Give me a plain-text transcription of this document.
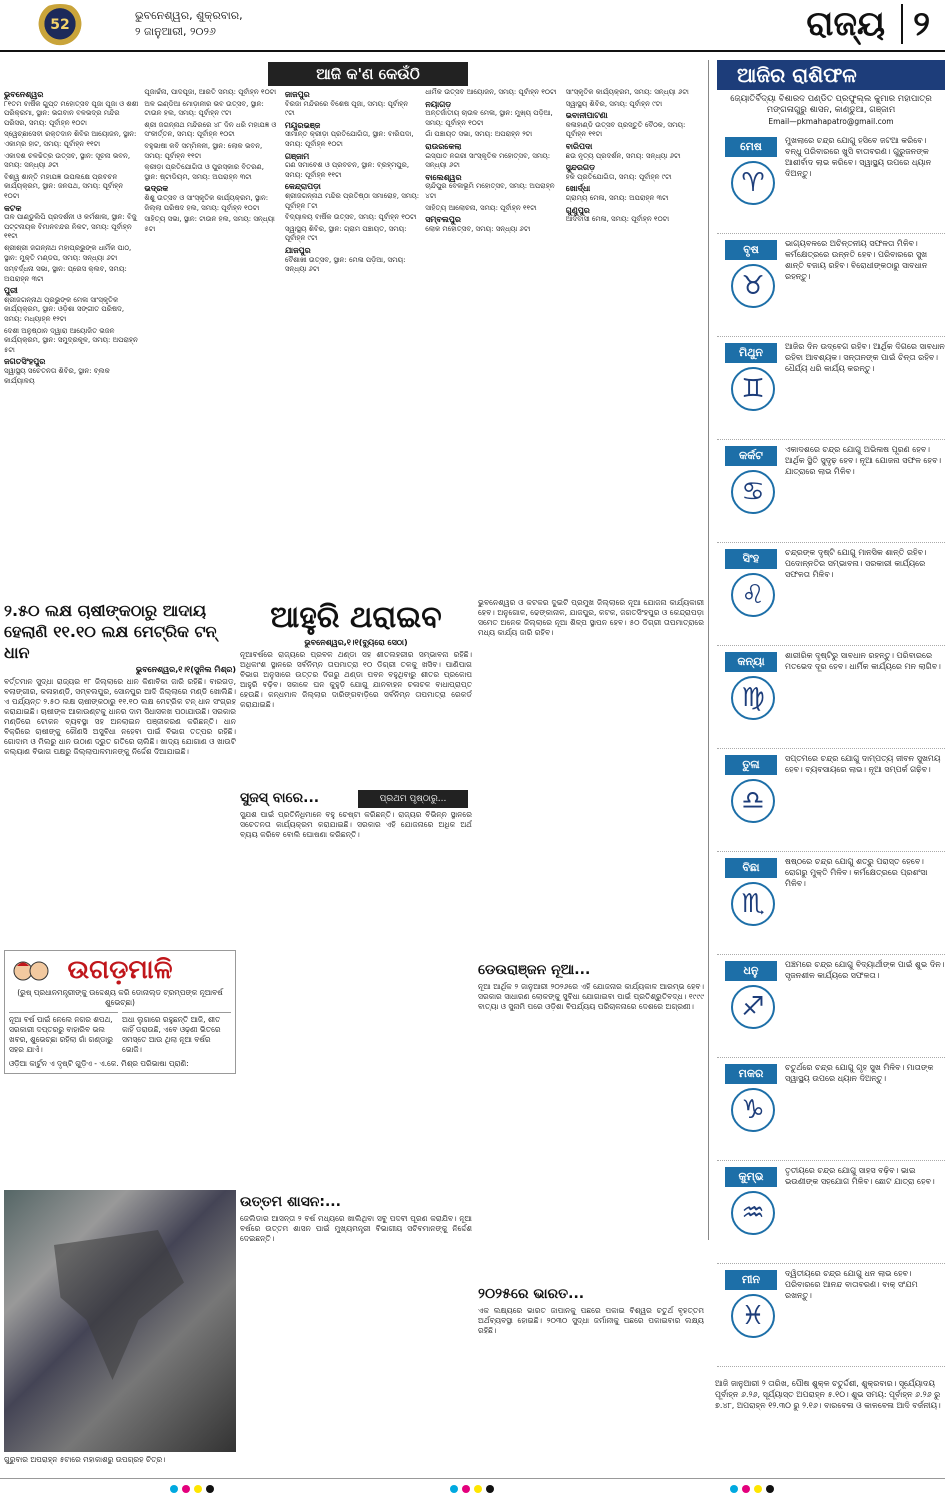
52
ଭୁବନେଶ୍ୱର, ଶୁକ୍ରବାର,
୨ ଜାନୁଆରୀ, ୨୦୨୬	ରାଜ୍ୟ ୨
ଆଜି କ'ଣ କେଉଁଠି
ଭୁବନେଶ୍ୱର

୮୧ତମ ବାର୍ଷିକ ଗୁପ୍ତ ମହୋତ୍ସବ ପୂଜା ପୂଜା ଓ ଶଶୀ ପରିକ୍ରମା, ସ୍ଥାନ: ଭଗବାନ ବଳଭଦ୍ର ମନ୍ଦିର ପରିସର, ସମୟ: ପୂର୍ବାହ୍ନ ୧୦ଟା

ସ୍ୱେଚ୍ଛାସେବୀ ରକ୍ତଦାନ ଶିବିର ଆୟୋଜନ, ସ୍ଥାନ: ଏକାମ୍ର ହାଟ, ସମୟ: ପୂର୍ବାହ୍ନ ୧୧ଟା

ଏକାଦଶ ଚଳଚ୍ଚିତ୍ର ଉତ୍ସବ, ସ୍ଥାନ: ସୂଚନା ଭବନ, ସମୟ: ସନ୍ଧ୍ୟା ୬ଟା

ବିଶ୍ୱ ଶାନ୍ତି ମହାଯଜ୍ଞ ଉପଲକ୍ଷେ ପ୍ରବଚନ କାର୍ଯ୍ୟକ୍ରମ, ସ୍ଥାନ: ଜନପଥ, ସମୟ: ପୂର୍ବାହ୍ନ ୧୦ଟା

କଟକ

ତାଳ ପାଣ୍ଡୁଲିପି ପ୍ରଦର୍ଶନୀ ଓ କର୍ମଶାଳା, ସ୍ଥାନ: ବିଜୁ ପଟ୍ଟନାୟକ ବିମାନବନ୍ଦର ନିକଟ, ସମୟ: ପୂର୍ବାହ୍ନ ୧୧ଟା

ଶ୍ରୀଶ୍ରୀ ଜଗନ୍ନାଥ ମହାପ୍ରଭୁଙ୍କ ଧାର୍ମିକ ପାଠ, ସ୍ଥାନ: ମୁକ୍ତି ମଣ୍ଡପ, ସମୟ: ସନ୍ଧ୍ୟା ୬ଟା

ସମ୍ବର୍ଦ୍ଧନା ସଭା, ସ୍ଥାନ: ପ୍ରେସ କ୍ଲବ, ସମୟ: ଅପରାହ୍ନ ୩ଟା

ପୁରୀ

ଶ୍ରୀଜଗନ୍ନାଥ ପ୍ରଭୁଙ୍କ ମେଳା ସାଂସ୍କୃତିକ କାର୍ଯ୍ୟକ୍ରମ, ସ୍ଥାନ: ଓଡ଼ିଶା ସଙ୍ଗୀତ ପରିଷଦ, ସମୟ: ମଧ୍ୟାହ୍ନ ୧୨ଟା

ଦେଶୀ ଅନୁଷ୍ଠାନ ଦ୍ୱାରା ଆୟୋଜିତ ଭଜନ କାର୍ଯ୍ୟକ୍ରମ, ସ୍ଥାନ: ସମୁଦ୍ରକୂଳ, ସମୟ: ଅପରାହ୍ନ ୫ଟା

ଜଗତସିଂହପୁର

ସ୍ୱାସ୍ଥ୍ୟ ସଚେତନତା ଶିବିର, ସ୍ଥାନ: ବ୍ଲକ କାର୍ଯ୍ୟାଳୟ

ପୂଜାର୍ଚ୍ଚନା, ପାଦପୂଜା, ଆରତି ସମୟ: ପୂର୍ବାହ୍ନ ୧୦ଟା

ଅଳ ଇଣ୍ଡିଆ ମୋଡ଼ାନୀର ଭବ ଉତ୍ସବ, ସ୍ଥାନ: ଟାଉନ ହଲ, ସମୟ: ପୂର୍ବାହ୍ନ ୯ଟା

ଶ୍ରୀ ଜଗନ୍ନାଥ ମନ୍ଦିରରେ ୪୮ ଦିନ ଧରି ମହାଯଜ୍ଞ ଓ ସଂକୀର୍ତ୍ତନ, ସମୟ: ପୂର୍ବାହ୍ନ ୧୦ଟା

ବହୁଭାଷୀ କବି ସମ୍ମିଳନୀ, ସ୍ଥାନ: ଲୋକ ଭବନ, ସମୟ: ପୂର୍ବାହ୍ନ ୧୧ଟା

କ୍ରୀଡ଼ା ପ୍ରତିଯୋଗିତା ଓ ପୁରସ୍କାର ବିତରଣ, ସ୍ଥାନ: ଷ୍ଟାଡିୟମ, ସମୟ: ଅପରାହ୍ନ ୩ଟା

ଭଦ୍ରକ

ଶିଶୁ ଉତ୍ସବ ଓ ସାଂସ୍କୃତିକ କାର୍ଯ୍ୟକ୍ରମ, ସ୍ଥାନ: ଜିଲ୍ଲା ପରିଷଦ ହଲ, ସମୟ: ପୂର୍ବାହ୍ନ ୧୦ଟା

ସାହିତ୍ୟ ସଭା, ସ୍ଥାନ: ଟାଉନ ହଲ, ସମୟ: ସନ୍ଧ୍ୟା ୫ଟା

ଜାଜପୁର

ବିରଜା ମନ୍ଦିରରେ ବିଶେଷ ପୂଜା, ସମୟ: ପୂର୍ବାହ୍ନ ୯ଟା

ମୟୂରଭଞ୍ଜ

ସୀମାନ୍ତ କ୍ରୀଡ଼ା ପ୍ରତିଯୋଗିତା, ସ୍ଥାନ: ବାରିପଦା, ସମୟ: ପୂର୍ବାହ୍ନ ୧୦ଟା

ଗଞ୍ଜାମ

ଗଣ ସମାବେଶ ଓ ପ୍ରବଚନ, ସ୍ଥାନ: ବ୍ରହ୍ମପୁର, ସମୟ: ପୂର୍ବାହ୍ନ ୧୧ଟା

କେନ୍ଦ୍ରାପଡ଼ା

ଶ୍ରୀଜଗନ୍ନାଥ ମନ୍ଦିର ପ୍ରତିଷ୍ଠା ସମାରୋହ, ସମୟ: ପୂର୍ବାହ୍ନ ୮ଟା

ବିଦ୍ୟାଳୟ ବାର୍ଷିକ ଉତ୍ସବ, ସମୟ: ପୂର୍ବାହ୍ନ ୧୦ଟା

ସ୍ୱାସ୍ଥ୍ୟ ଶିବିର, ସ୍ଥାନ: ଗ୍ରାମ ପଞ୍ଚାୟତ, ସମୟ: ପୂର୍ବାହ୍ନ ୯ଟା

ଯାଜପୁର

ବୈଶାଖୀ ଉତ୍ସବ, ସ୍ଥାନ: ମେଳା ପଡ଼ିଆ, ସମୟ: ସନ୍ଧ୍ୟା ୬ଟା

ଧାର୍ମିକ ଉତ୍ସବ ଆୟୋଜନ, ସମୟ: ପୂର୍ବାହ୍ନ ୧୦ଟା

ନୟାଗଡ଼

ଅନ୍ତର୍ଜାତୀୟ ଚାଉଳ ମେଳା, ସ୍ଥାନ: ମୁଖ୍ୟ ପଡ଼ିଆ, ସମୟ: ପୂର୍ବାହ୍ନ ୧୦ଟା

ଗାଁ ପଞ୍ଚାୟତ ସଭା, ସମୟ: ଅପରାହ୍ନ ୨ଟା

ରାଉରକେଲା

ଇସ୍ପାତ ନଗରୀ ସାଂସ୍କୃତିକ ମହୋତ୍ସବ, ସମୟ: ସନ୍ଧ୍ୟା ୬ଟା

ବାଲେଶ୍ୱର

ଚାନ୍ଦିପୁର ବେଳାଭୂମି ମହୋତ୍ସବ, ସମୟ: ଅପରାହ୍ନ ୪ଟା

ସାହିତ୍ୟ ଆଲୋଚନା, ସମୟ: ପୂର୍ବାହ୍ନ ୧୧ଟା

ସମ୍ବଲପୁର

ଲୋକ ମହୋତ୍ସବ, ସମୟ: ସନ୍ଧ୍ୟା ୬ଟା

ସାଂସ୍କୃତିକ କାର୍ଯ୍ୟକ୍ରମ, ସମୟ: ସନ୍ଧ୍ୟା ୬ଟା

ସ୍ୱାସ୍ଥ୍ୟ ଶିବିର, ସମୟ: ପୂର୍ବାହ୍ନ ୯ଟା

ଭବାନୀପାଟଣା

କଳାହାଣ୍ଡି ଉତ୍ସବ ପ୍ରସ୍ତୁତି ବୈଠକ, ସମୟ: ପୂର୍ବାହ୍ନ ୧୧ଟା

ବାରିପଦା

ଛଉ ନୃତ୍ୟ ପ୍ରଦର୍ଶନ, ସମୟ: ସନ୍ଧ୍ୟା ୬ଟା

ସୁନ୍ଦରଗଡ଼

ହକି ପ୍ରତିଯୋଗିତା, ସମୟ: ପୂର୍ବାହ୍ନ ୯ଟା

ଖୋର୍ଦ୍ଧା

ଗ୍ରାମ୍ୟ ମେଳା, ସମୟ: ଅପରାହ୍ନ ୩ଟା

ଗୁଣୁପୁର

ଆଦିବାସୀ ମେଳା, ସମୟ: ପୂର୍ବାହ୍ନ ୧୦ଟା

ଆଜିର ରାଶିଫଳ
ଜ୍ୟୋତିର୍ବିଦ୍ୟା ବିଶାରଦ ପଣ୍ଡିତ ପ୍ରଫୁଲ୍ଲ କୁମାର ମହାପାତ୍ର
ମଙ୍ଗଳାଗୁରୁ ଶାସନ, କାଣ୍ଡୁଆ, ଗଞ୍ଜାମ
Email—pkmahapatro@gmail.com
ମେଷ
♈
ମୁଖଲାରେ ଚନ୍ଦ୍ର ଯୋଗୁ ହସିବେ ଜଟଆ କରିବେ। ବନ୍ଧୁ ପରିବାରରେ ଖୁସି ବାତାବରଣ। ଗୁରୁଜନଙ୍କ ଆଶୀର୍ବାଦ ଲାଭ କରିବେ। ସ୍ୱାସ୍ଥ୍ୟ ଉପରେ ଧ୍ୟାନ ଦିଅନ୍ତୁ।
ବୃଷ
♉
ଭାଗ୍ୟବଳରେ ଅଚିନ୍ତନୀୟ ସଫଳତା ମିଳିବ। କର୍ମକ୍ଷେତ୍ରରେ ଉନ୍ନତି ହେବ। ପରିବାରରେ ସୁଖ ଶାନ୍ତି ବଜାୟ ରହିବ। ବିରୋଧୀଙ୍କଠାରୁ ସାବଧାନ ରହନ୍ତୁ।
ମିଥୁନ
♊
ଆଜିର ଦିନ ଉଦ୍‌ବେଗ ରହିବ। ଆର୍ଥିକ ଦିଗରେ ସାବଧାନ ରହିବା ଆବଶ୍ୟକ। ସନ୍ତାନଙ୍କ ପାଇଁ ଚିନ୍ତା ରହିବ। ଧୈର୍ଯ୍ୟ ଧରି କାର୍ଯ୍ୟ କରନ୍ତୁ।
କର୍କଟ
♋
ଏକାଦଶରେ ଚନ୍ଦ୍ର ଯୋଗୁ ଅଭିଳାଷ ପୂରଣ ହେବ। ଆର୍ଥିକ ସ୍ଥିତି ସୁଦୃଢ଼ ହେବ। ନୂଆ ଯୋଜନା ସଫଳ ହେବ। ଯାତ୍ରାରେ ଲାଭ ମିଳିବ।
ସିଂହ
♌
ଚନ୍ଦ୍ରଙ୍କ ଦୃଷ୍ଟି ଯୋଗୁ ମାନସିକ ଶାନ୍ତି ରହିବ। ପଦୋନ୍ନତିର ସମ୍ଭାବନା। ସରକାରୀ କାର୍ଯ୍ୟରେ ସଫଳତା ମିଳିବ।
କନ୍ୟା
♍
ଶାରୀରିକ ଦୃଷ୍ଟିରୁ ସାବଧାନ ରହନ୍ତୁ। ପରିବାରରେ ମତଭେଦ ଦୂର ହେବ। ଧାର୍ମିକ କାର୍ଯ୍ୟରେ ମନ ଲାଗିବ।
ତୁଳା
♎
ସପ୍ତମରେ ଚନ୍ଦ୍ର ଯୋଗୁ ଦାମ୍ପତ୍ୟ ଜୀବନ ସୁଖମୟ ହେବ। ବ୍ୟବସାୟରେ ଲାଭ। ନୂଆ ସମ୍ପର୍କ ଗଢ଼ିବ।
ବିଛା
♏
ଷଷ୍ଠରେ ଚନ୍ଦ୍ର ଯୋଗୁ ଶତ୍ରୁ ପରାସ୍ତ ହେବେ। ରୋଗରୁ ମୁକ୍ତି ମିଳିବ। କର୍ମକ୍ଷେତ୍ରରେ ପ୍ରଶଂସା ମିଳିବ।
ଧନୁ
♐
ପଞ୍ଚମରେ ଚନ୍ଦ୍ର ଯୋଗୁ ବିଦ୍ୟାର୍ଥୀଙ୍କ ପାଇଁ ଶୁଭ ଦିନ। ସୃଜନଶୀଳ କାର୍ଯ୍ୟରେ ସଫଳତା।
ମକର
♑
ଚତୁର୍ଥରେ ଚନ୍ଦ୍ର ଯୋଗୁ ଗୃହ ସୁଖ ମିଳିବ। ମାତାଙ୍କ ସ୍ୱାସ୍ଥ୍ୟ ଉପରେ ଧ୍ୟାନ ଦିଅନ୍ତୁ।
କୁମ୍ଭ
♒
ତୃତୀୟରେ ଚନ୍ଦ୍ର ଯୋଗୁ ସାହସ ବଢ଼ିବ। ଭାଇ ଭଉଣୀଙ୍କ ସହଯୋଗ ମିଳିବ। ଛୋଟ ଯାତ୍ରା ହେବ।
ମୀନ
♓
ଦ୍ୱିତୀୟରେ ଚନ୍ଦ୍ର ଯୋଗୁ ଧନ ଲାଭ ହେବ। ପରିବାରରେ ଆନନ୍ଦ ବାତାବରଣ। ବାକ୍ ସଂଯମ ରଖନ୍ତୁ।
ଆଜି ଜାନୁଆରୀ ୨ ତାରିଖ, ପୌଷ ଶୁକ୍ଳ ଚତୁର୍ଦ୍ଦଶୀ, ଶୁକ୍ରବାର। ସୂର୍ଯ୍ୟୋଦୟ ପୂର୍ବାହ୍ନ ୬.୨୬, ସୂର୍ଯ୍ୟାସ୍ତ ଅପରାହ୍ନ ୫.୧୦। ଶୁଭ ସମୟ: ପୂର୍ବାହ୍ନ ୬.୨୬ ରୁ ୭.୪୮, ଅପରାହ୍ନ ୧୨.୩୦ ରୁ ୨.୧୬। ବାରବେଳା ଓ କାଳବେଳା ଆଦି ବର୍ଜନୀୟ।
୨.୫୦ ଲକ୍ଷ ଚାଷୀଙ୍କଠାରୁ ଆଦାୟ ହେଲାଣି ୧୧.୧୦ ଲକ୍ଷ ମେଟ୍ରିକ ଟନ୍ ଧାନ
ଭୁବନେଶ୍ୱର,୧।୧(ସୁନିଲ ମିଶ୍ର)
ବର୍ତ୍ତମାନ ସୁଦ୍ଧା ରାଜ୍ୟର ୧୮ ଜିଲ୍ଲାରେ ଧାନ କିଣାବିକା ଜାରି ରହିଛି। ବାରଗଡ଼, ବଲାଙ୍ଗୀର, କଳାହାଣ୍ଡି, ସମ୍ବଲପୁର, ସୋନପୁର ଆଦି ଜିଲ୍ଲାରେ ମଣ୍ଡି ଖୋଲିଛି। ଏ ପର୍ଯ୍ୟନ୍ତ ୨.୫୦ ଲକ୍ଷ ଚାଷୀଙ୍କଠାରୁ ୧୧.୧୦ ଲକ୍ଷ ମେଟ୍ରିକ ଟନ୍ ଧାନ ସଂଗ୍ରହ କରାଯାଇଛି। ଚାଷୀଙ୍କ ଆକାଉଣ୍ଟକୁ ଧାନର ଦାମ ସିଧାସଳଖ ପଠାଯାଉଛି। ସରକାର ମଣ୍ଡିରେ ଟୋକନ ବ୍ୟବସ୍ଥା ସହ ଅନଲାଇନ ପଞ୍ଜୀକରଣ କରିଛନ୍ତି। ଧାନ ବିକ୍ରିରେ ଚାଷୀଙ୍କୁ କୌଣସି ଅସୁବିଧା ନହେବା ପାଇଁ ବିଭାଗ ତତ୍ପର ରହିଛି। ଗୋଦାମ ଓ ମିଲରୁ ଧାନ ଉଠାଣ ଦ୍ରୁତ ଗତିରେ ଚାଲିଛି। ଖାଦ୍ୟ ଯୋଗାଣ ଓ ଖାଉଟି କଲ୍ୟାଣ ବିଭାଗ ପକ୍ଷରୁ ଜିଲ୍ଲାପାଳମାନଙ୍କୁ ନିର୍ଦ୍ଦେଶ ଦିଆଯାଇଛି।
ଆହୁରି ଥରାଇବ
ଭୁବନେଶ୍ୱର,୧।୧(ବ୍ୟୁରୋ ସେଠା)
ନୂଆବର୍ଷରେ ରାଜ୍ୟରେ ପ୍ରବଳ ଥଣ୍ଡା ସହ ଶୀତଲହରୀର ସମ୍ଭାବନା ରହିଛି। ଅଧିକାଂଶ ସ୍ଥାନରେ ସର୍ବନିମ୍ନ ତାପମାତ୍ରା ୧୦ ଡିଗ୍ରୀ ତଳକୁ ଖସିବ। ପାଣିପାଗ ବିଭାଗ ଅନୁସାରେ ଉତ୍ତର ଦିଗରୁ ଥଣ୍ଡା ପବନ ବହୁଥିବାରୁ ଶୀତର ପ୍ରକୋପ ଆହୁରି ବଢ଼ିବ। ସକାଳେ ଘନ କୁହୁଡ଼ି ଯୋଗୁ ଯାନବାହନ ଚଳାଚଳ ବାଧାପ୍ରାପ୍ତ ହେଉଛି। କନ୍ଧମାଳ ଜିଲ୍ଲାର ଦାରିଙ୍ଗବାଡ଼ିରେ ସର୍ବନିମ୍ନ ତାପମାତ୍ରା ରେକର୍ଡ କରାଯାଇଛି।
ସୁଜସ୍ ବାରେ...
ସୁଯଶ ପାଇଁ ପ୍ରତିନିଧିମାନେ ବହୁ ଚେଷ୍ଟା କରିଛନ୍ତି। ରାଜ୍ୟର ବିଭିନ୍ନ ସ୍ଥାନରେ ସଚେତନତା କାର୍ଯ୍ୟକ୍ରମ କରାଯାଇଛି। ସରକାର ଏହି ଯୋଜନାରେ ଅଧିକ ଅର୍ଥ ବ୍ୟୟ କରିବେ ବୋଲି ଘୋଷଣା କରିଛନ୍ତି।
ଉତ୍ତମ ଶାସନ:...
ଜେଲିଡାର ଆସନ୍ତା ୨ ବର୍ଷ ମଧ୍ୟରେ ଖାଲିଥିବା ସବୁ ପଦବୀ ପୂରଣ କରାଯିବ। ନୂଆ ବର୍ଷରେ ଉତ୍ତମ ଶାସନ ପାଇଁ ମୁଖ୍ୟମନ୍ତ୍ରୀ ବିଭାଗୀୟ ସଚିବମାନଙ୍କୁ ନିର୍ଦ୍ଦେଶ ଦେଇଛନ୍ତି।
ପ୍ରଥମ ପୃଷ୍ଠାରୁ...
ଭୁବନେଶ୍ୱର ଓ କଟକର ଦୁଇଟି ପ୍ରମୁଖ ଜିଲ୍ଲାରେ ନୂଆ ଯୋଜନା କାର୍ଯ୍ୟକାରୀ ହେବ। ଅନୁଗୋଳ, ଢେଙ୍କାନାଳ, ଯାଜପୁର, କଟକ, ଜଗତସିଂହପୁର ଓ କେନ୍ଦ୍ରାପଡ଼ା ସମେତ ଅନେକ ଜିଲ୍ଲାରେ ନୂଆ ଶିଳ୍ପ ସ୍ଥାପନ ହେବ। ୫୦ ଡିଗ୍ରୀ ତାପମାତ୍ରାରେ ମଧ୍ୟ କାର୍ଯ୍ୟ ଜାରି ରହିବ।
ଡେଉରାଞ୍ଜନ ନୂଆ...
ନୂଆ ଆର୍ଥିକ ୨ ଜାନୁଆରୀ ୨୦୨୬ରେ ଏହି ଯୋଜନାର କାର୍ଯ୍ୟକାଳ ଆରମ୍ଭ ହେବ। ସରକାର ସାଧାରଣ ଲୋକଙ୍କୁ ସୁବିଧା ଯୋଗାଇବା ପାଇଁ ପ୍ରତିଶ୍ରୁତିବଦ୍ଧ। ୧୯୯୯ ବାତ୍ୟା ଓ ସୁନାମି ପରେ ଓଡ଼ିଶା ବିପର୍ଯ୍ୟୟ ପରିଚାଳନାରେ ଦେଶରେ ଅଗ୍ରଣୀ।
୨୦୨୫ରେ ଭାରତ...
ଏକ ଲକ୍ଷ୍ୟରେ ଭାରତ ଜାପାନକୁ ପଛରେ ପକାଇ ବିଶ୍ୱର ଚତୁର୍ଥ ବୃହତ୍ତମ ଅର୍ଥବ୍ୟବସ୍ଥା ହୋଇଛି। ୨୦୩୦ ସୁଦ୍ଧା ଜର୍ମାନୀକୁ ପଛରେ ପକାଇବାର ଲକ୍ଷ୍ୟ ରହିଛି।
ଉଗଡ଼ମାଳି
(ରୁଷ୍ ପ୍ରଧାନମନ୍ତ୍ରୀଙ୍କୁ ଉଦ୍ଦେଶ୍ୟ କରି ଡୋନାଲ୍ଡ ଟ୍ରମ୍ପଙ୍କ ନୂଆବର୍ଷ ଶୁଭେଚ୍ଛା)
ନୂଆ ବର୍ଷ ପାଇଁ ନେଲେ ନଗର ଶପଥ, ସରକାରୀ ଦପ୍ତରରୁ ବାହାରିବ ଭଲ ଖବର, ଶୁଭେଚ୍ଛା ରହିଲା ଗାଁ ଗଣ୍ଡାରୁ ସହର ଯାଏଁ।
ଅଧା ଲୁଗାରେ ରହୁଛନ୍ତି ଆଜି, ଶୀତ କାହିଁ ଡରାଉଛି, ଏବେ ଓଢ଼ଣୀ ଭିତରେ ସମସ୍ତେ ଆଉ ଥିଲା ନୂଆ ବର୍ଷର ଭୋଜି।
ଓଡ଼ିଆ କାର୍ଟୁନ ଏ ଦୃଷ୍ଟି ଗୁଡ଼ିଏ - ଏ.କେ. ମିଶ୍ର ପରିଭାଷା ପ୍ରାଣି:
ଗୁରୁବାର ଅପରାହ୍ନ ୫ଟାରେ ମହାକାଶରୁ ଉପଗ୍ରହ ଚିତ୍ର।
